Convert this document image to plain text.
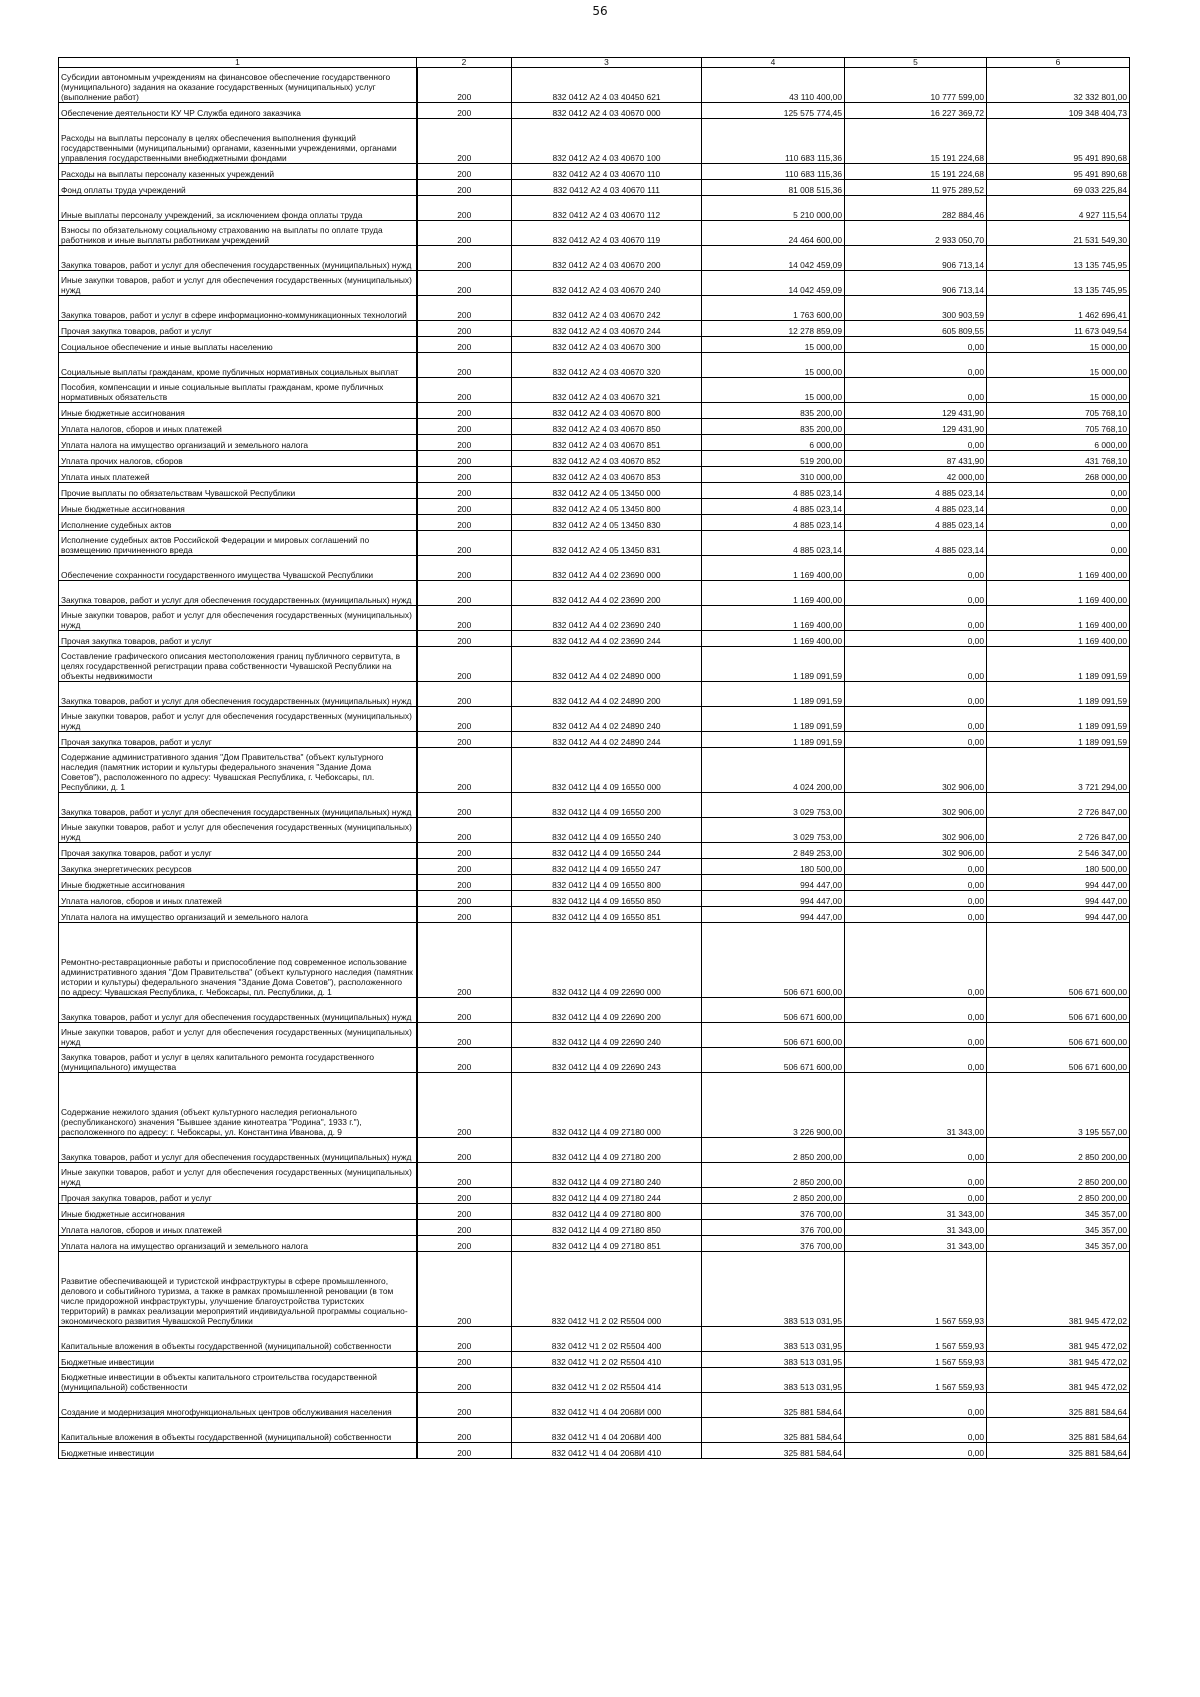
56
1	2	3	4	5	6
Субсидии автономным учреждениям на финансовое обеспечение государственного (муниципального) задания на оказание государственных (муниципальных) услуг (выполнение работ)	200	832 0412 А2 4 03 40450 621	43 110 400,00	10 777 599,00	32 332 801,00
Обеспечение деятельности КУ ЧР Служба единого заказчика	200	832 0412 А2 4 03 40670 000	125 575 774,45	16 227 369,72	109 348 404,73
Расходы на выплаты персоналу в целях обеспечения выполнения функций государственными (муниципальными) органами, казенными учреждениями, органами управления государственными внебюджетными фондами	200	832 0412 А2 4 03 40670 100	110 683 115,36	15 191 224,68	95 491 890,68
Расходы на выплаты персоналу казенных учреждений	200	832 0412 А2 4 03 40670 110	110 683 115,36	15 191 224,68	95 491 890,68
Фонд оплаты труда учреждений	200	832 0412 А2 4 03 40670 111	81 008 515,36	11 975 289,52	69 033 225,84
Иные выплаты персоналу учреждений, за исключением фонда оплаты труда	200	832 0412 А2 4 03 40670 112	5 210 000,00	282 884,46	4 927 115,54
Взносы по обязательному социальному страхованию на выплаты по оплате труда работников и иные выплаты работникам учреждений	200	832 0412 А2 4 03 40670 119	24 464 600,00	2 933 050,70	21 531 549,30
Закупка товаров, работ и услуг для обеспечения государственных (муниципальных) нужд	200	832 0412 А2 4 03 40670 200	14 042 459,09	906 713,14	13 135 745,95
Иные закупки товаров, работ и услуг для обеспечения государственных (муниципальных) нужд	200	832 0412 А2 4 03 40670 240	14 042 459,09	906 713,14	13 135 745,95
Закупка товаров, работ и услуг в сфере информационно-коммуникационных технологий	200	832 0412 А2 4 03 40670 242	1 763 600,00	300 903,59	1 462 696,41
Прочая закупка товаров, работ и услуг	200	832 0412 А2 4 03 40670 244	12 278 859,09	605 809,55	11 673 049,54
Социальное обеспечение и иные выплаты населению	200	832 0412 А2 4 03 40670 300	15 000,00	0,00	15 000,00
Социальные выплаты гражданам, кроме публичных нормативных социальных выплат	200	832 0412 А2 4 03 40670 320	15 000,00	0,00	15 000,00
Пособия, компенсации и иные социальные выплаты гражданам, кроме публичных нормативных обязательств	200	832 0412 А2 4 03 40670 321	15 000,00	0,00	15 000,00
Иные бюджетные ассигнования	200	832 0412 А2 4 03 40670 800	835 200,00	129 431,90	705 768,10
Уплата налогов, сборов и иных платежей	200	832 0412 А2 4 03 40670 850	835 200,00	129 431,90	705 768,10
Уплата налога на имущество организаций и земельного налога	200	832 0412 А2 4 03 40670 851	6 000,00	0,00	6 000,00
Уплата прочих налогов, сборов	200	832 0412 А2 4 03 40670 852	519 200,00	87 431,90	431 768,10
Уплата иных платежей	200	832 0412 А2 4 03 40670 853	310 000,00	42 000,00	268 000,00
Прочие выплаты по обязательствам Чувашской Республики	200	832 0412 А2 4 05 13450 000	4 885 023,14	4 885 023,14	0,00
Иные бюджетные ассигнования	200	832 0412 А2 4 05 13450 800	4 885 023,14	4 885 023,14	0,00
Исполнение судебных актов	200	832 0412 А2 4 05 13450 830	4 885 023,14	4 885 023,14	0,00
Исполнение судебных актов Российской Федерации и мировых соглашений по возмещению причиненного вреда	200	832 0412 А2 4 05 13450 831	4 885 023,14	4 885 023,14	0,00
Обеспечение сохранности государственного имущества Чувашской Республики	200	832 0412 А4 4 02 23690 000	1 169 400,00	0,00	1 169 400,00
Закупка товаров, работ и услуг для обеспечения государственных (муниципальных) нужд	200	832 0412 А4 4 02 23690 200	1 169 400,00	0,00	1 169 400,00
Иные закупки товаров, работ и услуг для обеспечения государственных (муниципальных) нужд	200	832 0412 А4 4 02 23690 240	1 169 400,00	0,00	1 169 400,00
Прочая закупка товаров, работ и услуг	200	832 0412 А4 4 02 23690 244	1 169 400,00	0,00	1 169 400,00
Составление графического описания местоположения границ публичного сервитута, в целях государственной регистрации права собственности Чувашской Республики на объекты недвижимости	200	832 0412 А4 4 02 24890 000	1 189 091,59	0,00	1 189 091,59
Закупка товаров, работ и услуг для обеспечения государственных (муниципальных) нужд	200	832 0412 А4 4 02 24890 200	1 189 091,59	0,00	1 189 091,59
Иные закупки товаров, работ и услуг для обеспечения государственных (муниципальных) нужд	200	832 0412 А4 4 02 24890 240	1 189 091,59	0,00	1 189 091,59
Прочая закупка товаров, работ и услуг	200	832 0412 А4 4 02 24890 244	1 189 091,59	0,00	1 189 091,59
Содержание административного здания "Дом Правительства" (объект культурного наследия (памятник истории и культуры федерального значения "Здание Дома Советов"), расположенного по адресу: Чувашская Республика, г. Чебоксары, пл. Республики, д. 1	200	832 0412 Ц4 4 09 16550 000	4 024 200,00	302 906,00	3 721 294,00
Закупка товаров, работ и услуг для обеспечения государственных (муниципальных) нужд	200	832 0412 Ц4 4 09 16550 200	3 029 753,00	302 906,00	2 726 847,00
Иные закупки товаров, работ и услуг для обеспечения государственных (муниципальных) нужд	200	832 0412 Ц4 4 09 16550 240	3 029 753,00	302 906,00	2 726 847,00
Прочая закупка товаров, работ и услуг	200	832 0412 Ц4 4 09 16550 244	2 849 253,00	302 906,00	2 546 347,00
Закупка энергетических ресурсов	200	832 0412 Ц4 4 09 16550 247	180 500,00	0,00	180 500,00
Иные бюджетные ассигнования	200	832 0412 Ц4 4 09 16550 800	994 447,00	0,00	994 447,00
Уплата налогов, сборов и иных платежей	200	832 0412 Ц4 4 09 16550 850	994 447,00	0,00	994 447,00
Уплата налога на имущество организаций и земельного налога	200	832 0412 Ц4 4 09 16550 851	994 447,00	0,00	994 447,00
Ремонтно-реставрационные работы и приспособление под современное использование административного здания "Дом Правительства" (объект культурного наследия (памятник истории и культуры) федерального значения "Здание Дома Советов"), расположенного по адресу: Чувашская Республика, г. Чебоксары, пл. Республики, д. 1	200	832 0412 Ц4 4 09 22690 000	506 671 600,00	0,00	506 671 600,00
Закупка товаров, работ и услуг для обеспечения государственных (муниципальных) нужд	200	832 0412 Ц4 4 09 22690 200	506 671 600,00	0,00	506 671 600,00
Иные закупки товаров, работ и услуг для обеспечения государственных (муниципальных) нужд	200	832 0412 Ц4 4 09 22690 240	506 671 600,00	0,00	506 671 600,00
Закупка товаров, работ и услуг в целях капитального ремонта государственного (муниципального) имущества	200	832 0412 Ц4 4 09 22690 243	506 671 600,00	0,00	506 671 600,00
Содержание нежилого здания (объект культурного наследия регионального (республиканского) значения "Бывшее здание кинотеатра "Родина", 1933 г."), расположенного по адресу: г. Чебоксары, ул. Константина Иванова, д. 9	200	832 0412 Ц4 4 09 27180 000	3 226 900,00	31 343,00	3 195 557,00
Закупка товаров, работ и услуг для обеспечения государственных (муниципальных) нужд	200	832 0412 Ц4 4 09 27180 200	2 850 200,00	0,00	2 850 200,00
Иные закупки товаров, работ и услуг для обеспечения государственных (муниципальных) нужд	200	832 0412 Ц4 4 09 27180 240	2 850 200,00	0,00	2 850 200,00
Прочая закупка товаров, работ и услуг	200	832 0412 Ц4 4 09 27180 244	2 850 200,00	0,00	2 850 200,00
Иные бюджетные ассигнования	200	832 0412 Ц4 4 09 27180 800	376 700,00	31 343,00	345 357,00
Уплата налогов, сборов и иных платежей	200	832 0412 Ц4 4 09 27180 850	376 700,00	31 343,00	345 357,00
Уплата налога на имущество организаций и земельного налога	200	832 0412 Ц4 4 09 27180 851	376 700,00	31 343,00	345 357,00
Развитие обеспечивающей и туристской инфраструктуры в сфере промышленного, делового и событийного туризма, а также в рамках промышленной реновации (в том числе придорожной инфраструктуры, улучшение благоустройства туристских территорий) в рамках реализации мероприятий индивидуальной программы социально-экономического развития Чувашской Республики	200	832 0412 Ч1 2 02 R5504 000	383 513 031,95	1 567 559,93	381 945 472,02
Капитальные вложения в объекты государственной (муниципальной) собственности	200	832 0412 Ч1 2 02 R5504 400	383 513 031,95	1 567 559,93	381 945 472,02
Бюджетные инвестиции	200	832 0412 Ч1 2 02 R5504 410	383 513 031,95	1 567 559,93	381 945 472,02
Бюджетные инвестиции в объекты капитального строительства государственной (муниципальной) собственности	200	832 0412 Ч1 2 02 R5504 414	383 513 031,95	1 567 559,93	381 945 472,02
Создание и модернизация многофункциональных центров обслуживания населения	200	832 0412 Ч1 4 04 2068И 000	325 881 584,64	0,00	325 881 584,64
Капитальные вложения в объекты государственной (муниципальной) собственности	200	832 0412 Ч1 4 04 2068И 400	325 881 584,64	0,00	325 881 584,64
Бюджетные инвестиции	200	832 0412 Ч1 4 04 2068И 410	325 881 584,64	0,00	325 881 584,64
